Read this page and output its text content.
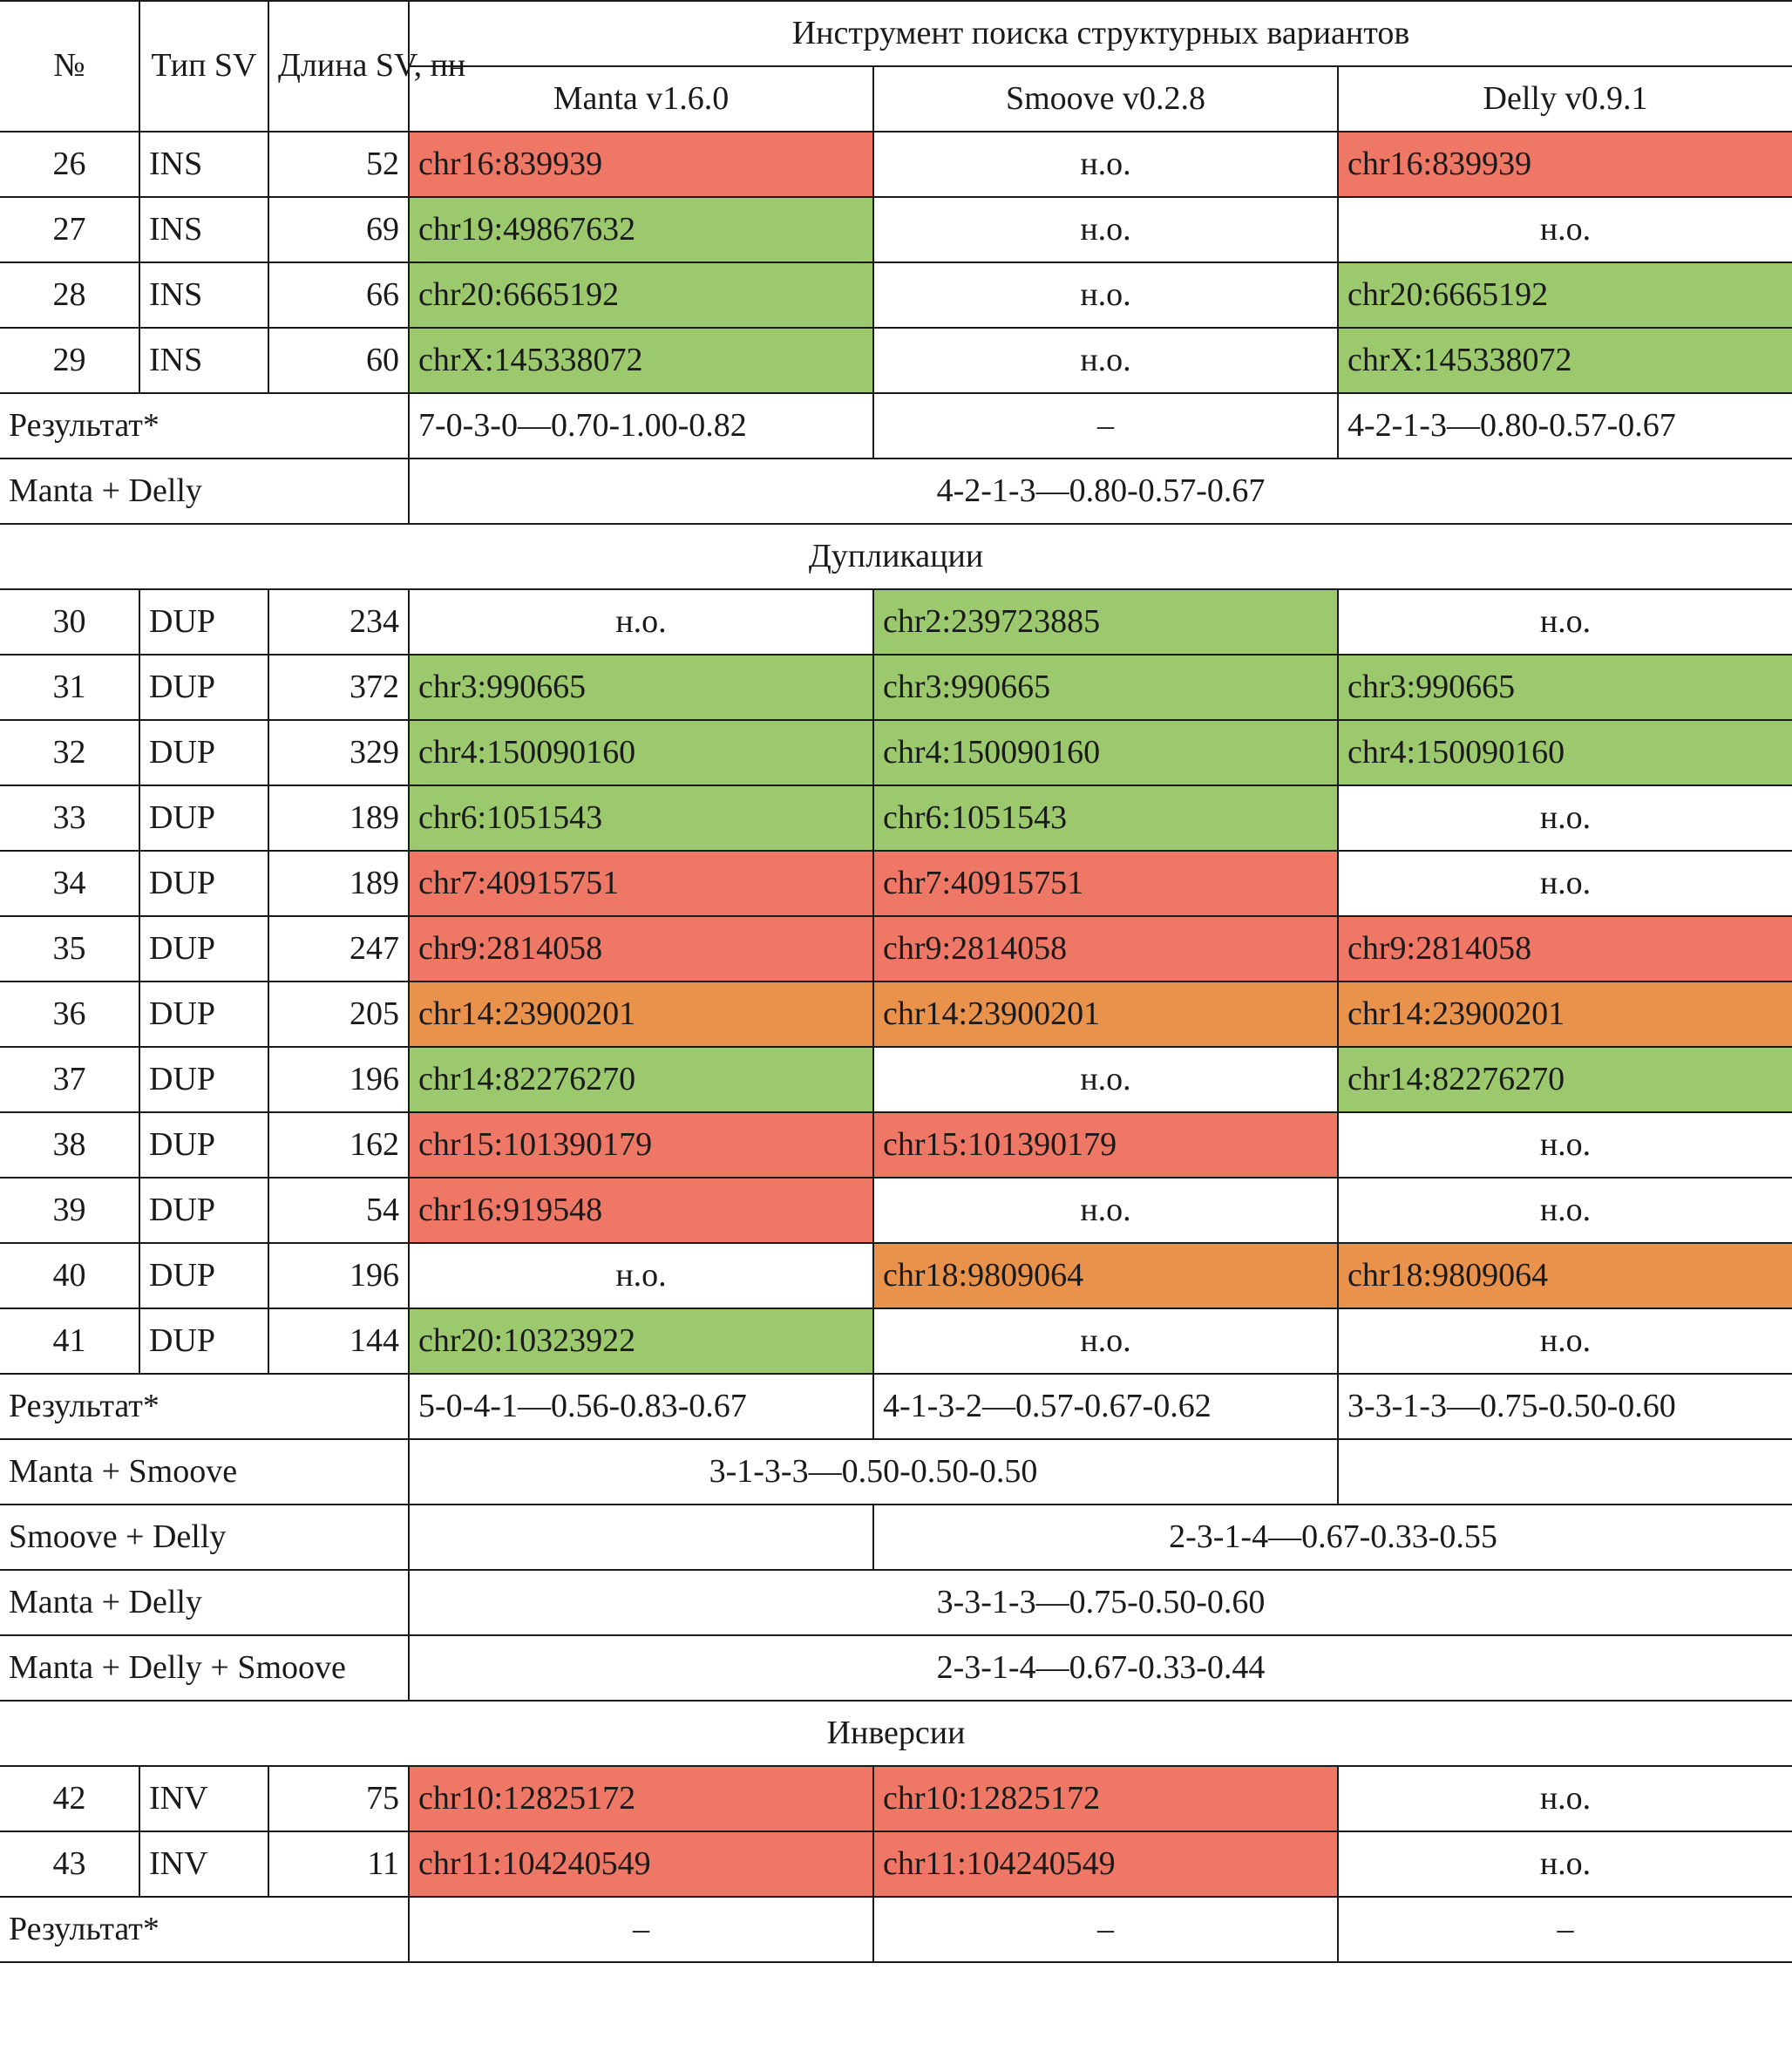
№	Тип SV	Длина SV, пн	Инструмент поиска структурных вариантов		
			Manta v1.6.0	Smoove v0.2.8	Delly v0.9.1
26	INS	52	chr16:839939	н.о.	chr16:839939
27	INS	69	chr19:49867632	н.о.	н.о.
28	INS	66	chr20:6665192	н.о.	chr20:6665192
29	INS	60	chrX:145338072	н.о.	chrX:145338072
Результат*			7-0-3-0—0.70-1.00-0.82	–	4-2-1-3—0.80-0.57-0.67
Manta + Delly			4-2-1-3—0.80-0.57-0.67		
Дупликации					
30	DUP	234	н.о.	chr2:239723885	н.о.
31	DUP	372	chr3:990665	chr3:990665	chr3:990665
32	DUP	329	chr4:150090160	chr4:150090160	chr4:150090160
33	DUP	189	chr6:1051543	chr6:1051543	н.о.
34	DUP	189	chr7:40915751	chr7:40915751	н.о.
35	DUP	247	chr9:2814058	chr9:2814058	chr9:2814058
36	DUP	205	chr14:23900201	chr14:23900201	chr14:23900201
37	DUP	196	chr14:82276270	н.о.	chr14:82276270
38	DUP	162	chr15:101390179	chr15:101390179	н.о.
39	DUP	54	chr16:919548	н.о.	н.о.
40	DUP	196	н.о.	chr18:9809064	chr18:9809064
41	DUP	144	chr20:10323922	н.о.	н.о.
Результат*			5-0-4-1—0.56-0.83-0.67	4-1-3-2—0.57-0.67-0.62	3-3-1-3—0.75-0.50-0.60
Manta + Smoove			3-1-3-3—0.50-0.50-0.50		
Smoove + Delly				2-3-1-4—0.67-0.33-0.55	
Manta + Delly			3-3-1-3—0.75-0.50-0.60		
Manta + Delly + Smoove			2-3-1-4—0.67-0.33-0.44		
Инверсии					
42	INV	75	chr10:12825172	chr10:12825172	н.о.
43	INV	11	chr11:104240549	chr11:104240549	н.о.
Результат*			–	–	–
